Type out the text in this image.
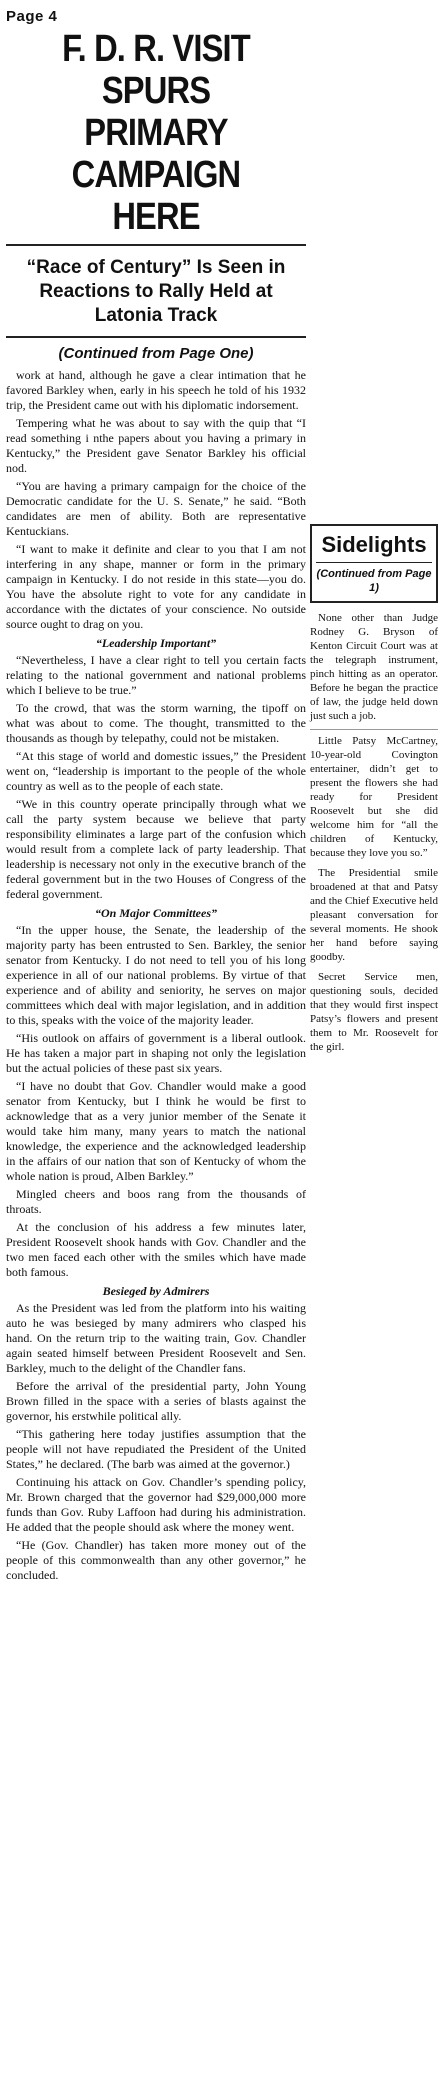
Page 4

F. D. R. VISIT

SPURS PRIMARY

CAMPAIGN HERE

“Race of Century” Is Seen in Reactions to Rally Held at Latonia Track
(Continued from Page One)

work at hand, although he gave a clear intimation that he favored Barkley when, early in his speech he told of his 1932 trip, the President came out with his diplomatic indorsement.

Tempering what he was about to say with the quip that “I read something i nthe papers about you having a primary in Kentucky,” the President gave Senator Barkley his official nod.

“You are having a primary campaign for the choice of the Democratic candidate for the U. S. Senate,” he said. “Both candidates are men of ability. Both are representative Kentuckians.

“I want to make it definite and clear to you that I am not interfering in any shape, manner or form in the primary campaign in Kentucky. I do not reside in this state—you do. You have the absolute right to vote for any candidate in accordance with the dictates of your conscience. No outside source ought to drag on you.

“Leadership Important”

“Nevertheless, I have a clear right to tell you certain facts relating to the national government and national problems which I believe to be true.”

To the crowd, that was the storm warning, the tipoff on what was about to come. The thought, transmitted to the thousands as though by telepathy, could not be mistaken.

“At this stage of world and domestic issues,” the President went on, “leadership is important to the people of the whole country as well as to the people of each state.

“We in this country operate principally through what we call the party system because we believe that party responsibility eliminates a large part of the confusion which would result from a complete lack of party leadership. That leadership is necessary not only in the executive branch of the federal government but in the two Houses of Congress of the federal government.

“On Major Committees”

“In the upper house, the Senate, the leadership of the majority party has been entrusted to Sen. Barkley, the senior senator from Kentucky. I do not need to tell you of his long experience in all of our national problems. By virtue of that experience and of ability and seniority, he serves on major committees which deal with major legislation, and in addition to this, speaks with the voice of the majority leader.

“His outlook on affairs of government is a liberal outlook. He has taken a major part in shaping not only the legislation but the actual policies of these past six years.

“I have no doubt that Gov. Chandler would make a good senator from Kentucky, but I think he would be first to acknowledge that as a very junior member of the Senate it would take him many, many years to match the national knowledge, the experience and the acknowledged leadership in the affairs of our nation that son of Kentucky of whom the whole nation is proud, Alben Barkley.”

Mingled cheers and boos rang from the thousands of throats.

At the conclusion of his address a few minutes later, President Roosevelt shook hands with Gov. Chandler and the two men faced each other with the smiles which have made both famous.

Besieged by Admirers

As the President was led from the platform into his waiting auto he was besieged by many admirers who clasped his hand. On the return trip to the waiting train, Gov. Chandler again seated himself between President Roosevelt and Sen. Barkley, much to the delight of the Chandler fans.

Before the arrival of the presidential party, John Young Brown filled in the space with a series of blasts against the governor, his erstwhile political ally.

“This gathering here today justifies assumption that the people will not have repudiated the President of the United States,” he declared. (The barb was aimed at the governor.)

Continuing his attack on Gov. Chandler’s spending policy, Mr. Brown charged that the governor had $29,000,000 more funds than Gov. Ruby Laffoon had during his administration. He added that the people should ask where the money went.

“He (Gov. Chandler) has taken more money out of the people of this commonwealth than any other governor,” he concluded.

Sidelights
(Continued from Page 1)

None other than Judge Rodney G. Bryson of Kenton Circuit Court was at the telegraph instrument, pinch hitting as an operator. Before he began the practice of law, the judge held down just such a job.

Little Patsy McCartney, 10-year-old Covington entertainer, didn’t get to present the flowers she had ready for President Roosevelt but she did welcome him for “all the children of Kentucky, because they love you so.”

The Presidential smile broadened at that and Patsy and the Chief Executive held pleasant conversation for several moments. He shook her hand before saying goodby.

Secret Service men, questioning souls, decided that they would first inspect Patsy’s flowers and present them to Mr. Roosevelt for the girl.
